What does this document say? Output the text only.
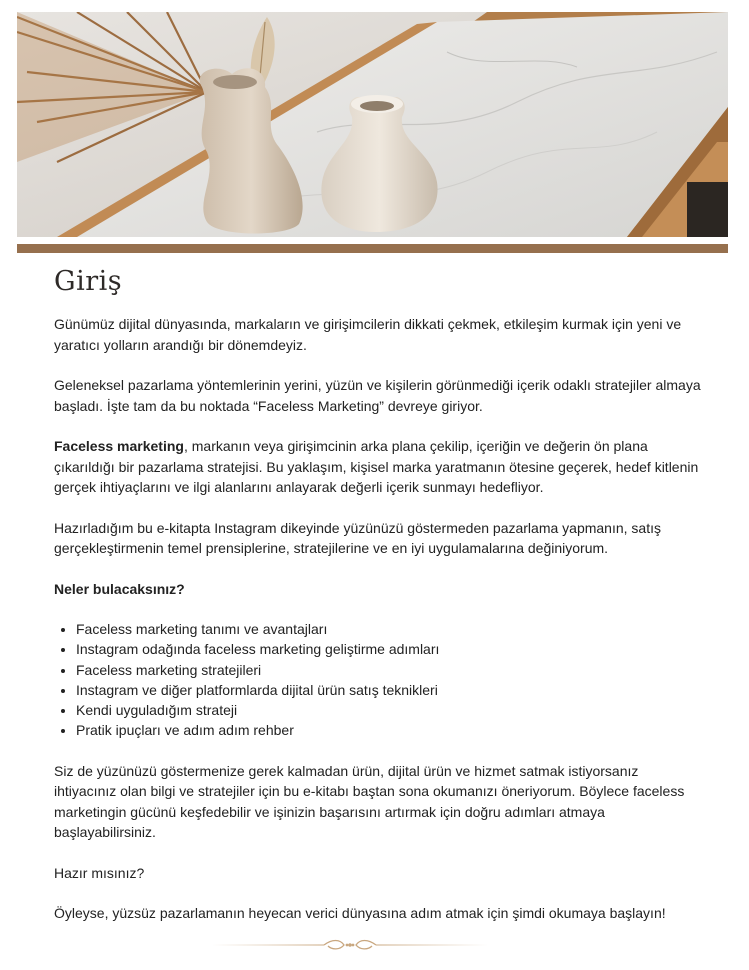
Giriş

Günümüz dijital dünyasında, markaların ve girişimcilerin dikkati çekmek, etkileşim kurmak için yeni ve yaratıcı yolların arandığı bir dönemdeyiz.

Geleneksel pazarlama yöntemlerinin yerini, yüzün ve kişilerin görünmediği içerik odaklı stratejiler almaya başladı. İşte tam da bu noktada “Faceless Marketing” devreye giriyor.

Faceless marketing, markanın veya girişimcinin arka plana çekilip, içeriğin ve değerin ön plana çıkarıldığı bir pazarlama stratejisi. Bu yaklaşım, kişisel marka yaratmanın ötesine geçerek, hedef kitlenin gerçek ihtiyaçlarını ve ilgi alanlarını anlayarak değerli içerik sunmayı hedefliyor.

Hazırladığım bu e-kitapta Instagram dikeyinde yüzünüzü göstermeden pazarlama yapmanın, satış gerçekleştirmenin temel prensiplerine, stratejilerine ve en iyi uygulamalarına değiniyorum.

Neler bulacaksınız?

• Faceless marketing tanımı ve avantajları
• Instagram odağında faceless marketing geliştirme adımları
• Faceless marketing stratejileri
• Instagram ve diğer platformlarda dijital ürün satış teknikleri
• Kendi uyguladığım strateji
• Pratik ipuçları ve adım adım rehber

Siz de yüzünüzü göstermenize gerek kalmadan ürün, dijital ürün ve hizmet satmak istiyorsanız ihtiyacınız olan bilgi ve stratejiler için bu e-kitabı baştan sona okumanızı öneriyorum. Böylece faceless marketingin gücünü keşfedebilir ve işinizin başarısını artırmak için doğru adımları atmaya başlayabilirsiniz.

Hazır mısınız?

Öyleyse, yüzsüz pazarlamanın heyecan verici dünyasına adım atmak için şimdi okumaya başlayın!
